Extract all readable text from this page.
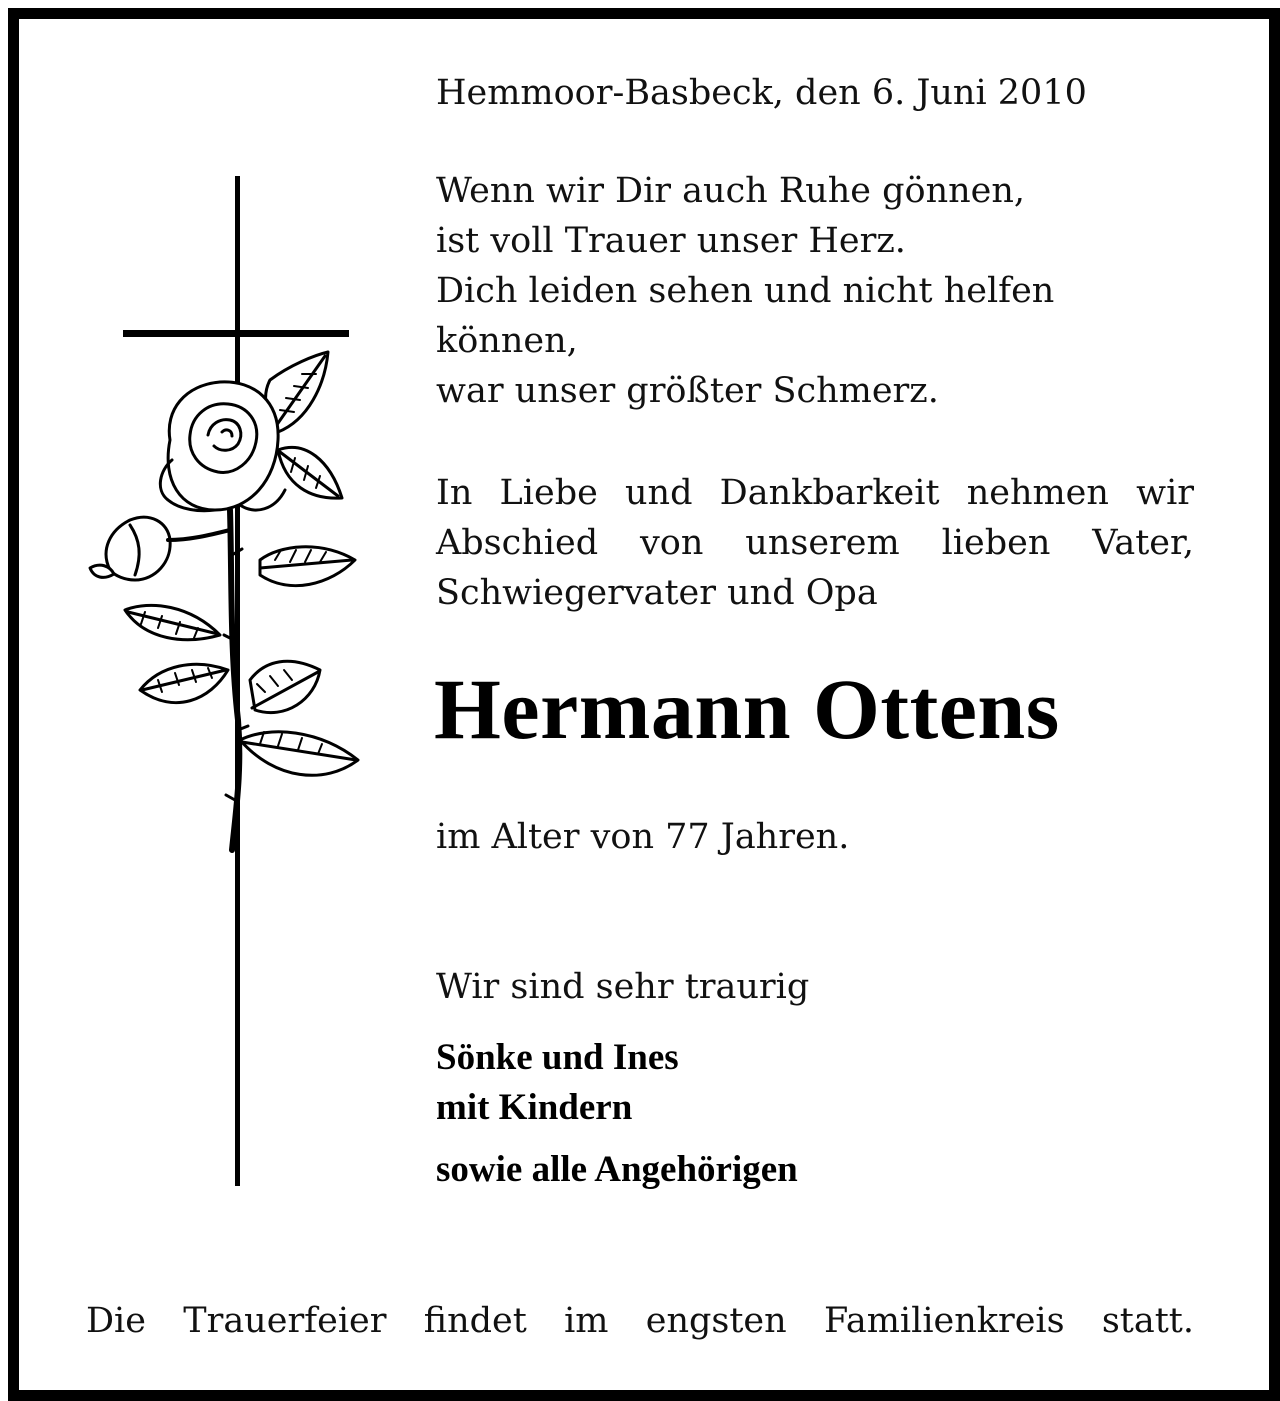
Hemmoor-Basbeck, den 6. Juni 2010
Wenn wir Dir auch Ruhe gönnen,
ist voll Trauer unser Herz.
Dich leiden sehen und nicht helfen
können,
war unser größter Schmerz.
In Liebe und Dankbarkeit nehmen wir
Abschied von unserem lieben Vater,
Schwiegervater und Opa
Hermann Ottens
im Alter von 77 Jahren.
Wir sind sehr traurig
Sönke und Ines
mit Kindern
sowie alle Angehörigen
Die Trauerfeier findet im engsten Familienkreis statt.
